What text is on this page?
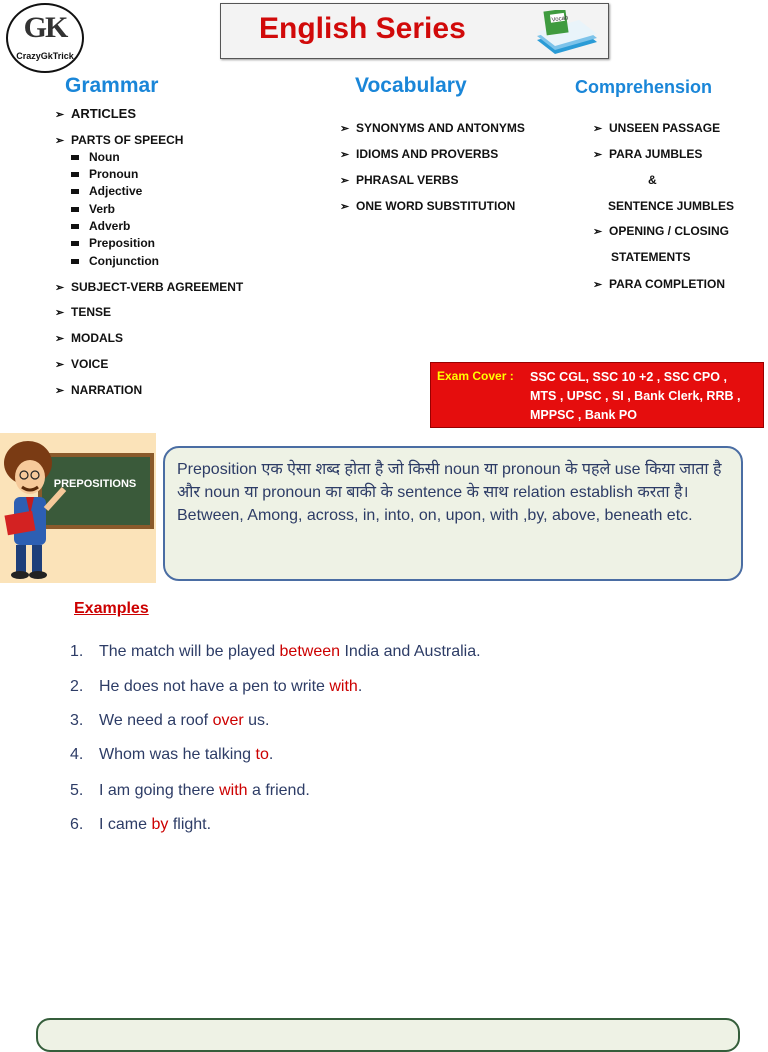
GK
CrazyGkTrick
English Series	Vocab
Grammar	Vocabulary	Comprehension
➢ ARTICLES
➢ PARTS OF SPEECH
Noun
Pronoun
Adjective
Verb
Adverb
Preposition
Conjunction
➢ SUBJECT-VERB AGREEMENT
➢ TENSE
➢ MODALS
➢ VOICE
➢ NARRATION
➢ SYNONYMS AND ANTONYMS
➢ IDIOMS AND PROVERBS
➢ PHRASAL VERBS
➢ ONE WORD SUBSTITUTION
➢ UNSEEN PASSAGE
➢ PARA JUMBLES
&
SENTENCE JUMBLES
➢ OPENING / CLOSING
STATEMENTS
➢ PARA COMPLETION
Exam Cover : SSC CGL, SSC 10 +2 , SSC CPO , MTS , UPSC , SI , Bank Clerk, RRB , MPPSC , Bank PO
PREPOSITIONS

Preposition एक ऐसा शब्द होता है जो किसी noun या pronoun के पहले use किया जाता है और noun या pronoun का बाकी के sentence के साथ relation establish करता है।

Between, Among, across, in, into, on, upon, with ,by, above, beneath etc.

Examples
1. The match will be played between India and Australia.
2. He does not have a pen to write with.
3. We need a roof over us.
4. Whom was he talking to.
5. I am going there with a friend.
6. I came by flight.
